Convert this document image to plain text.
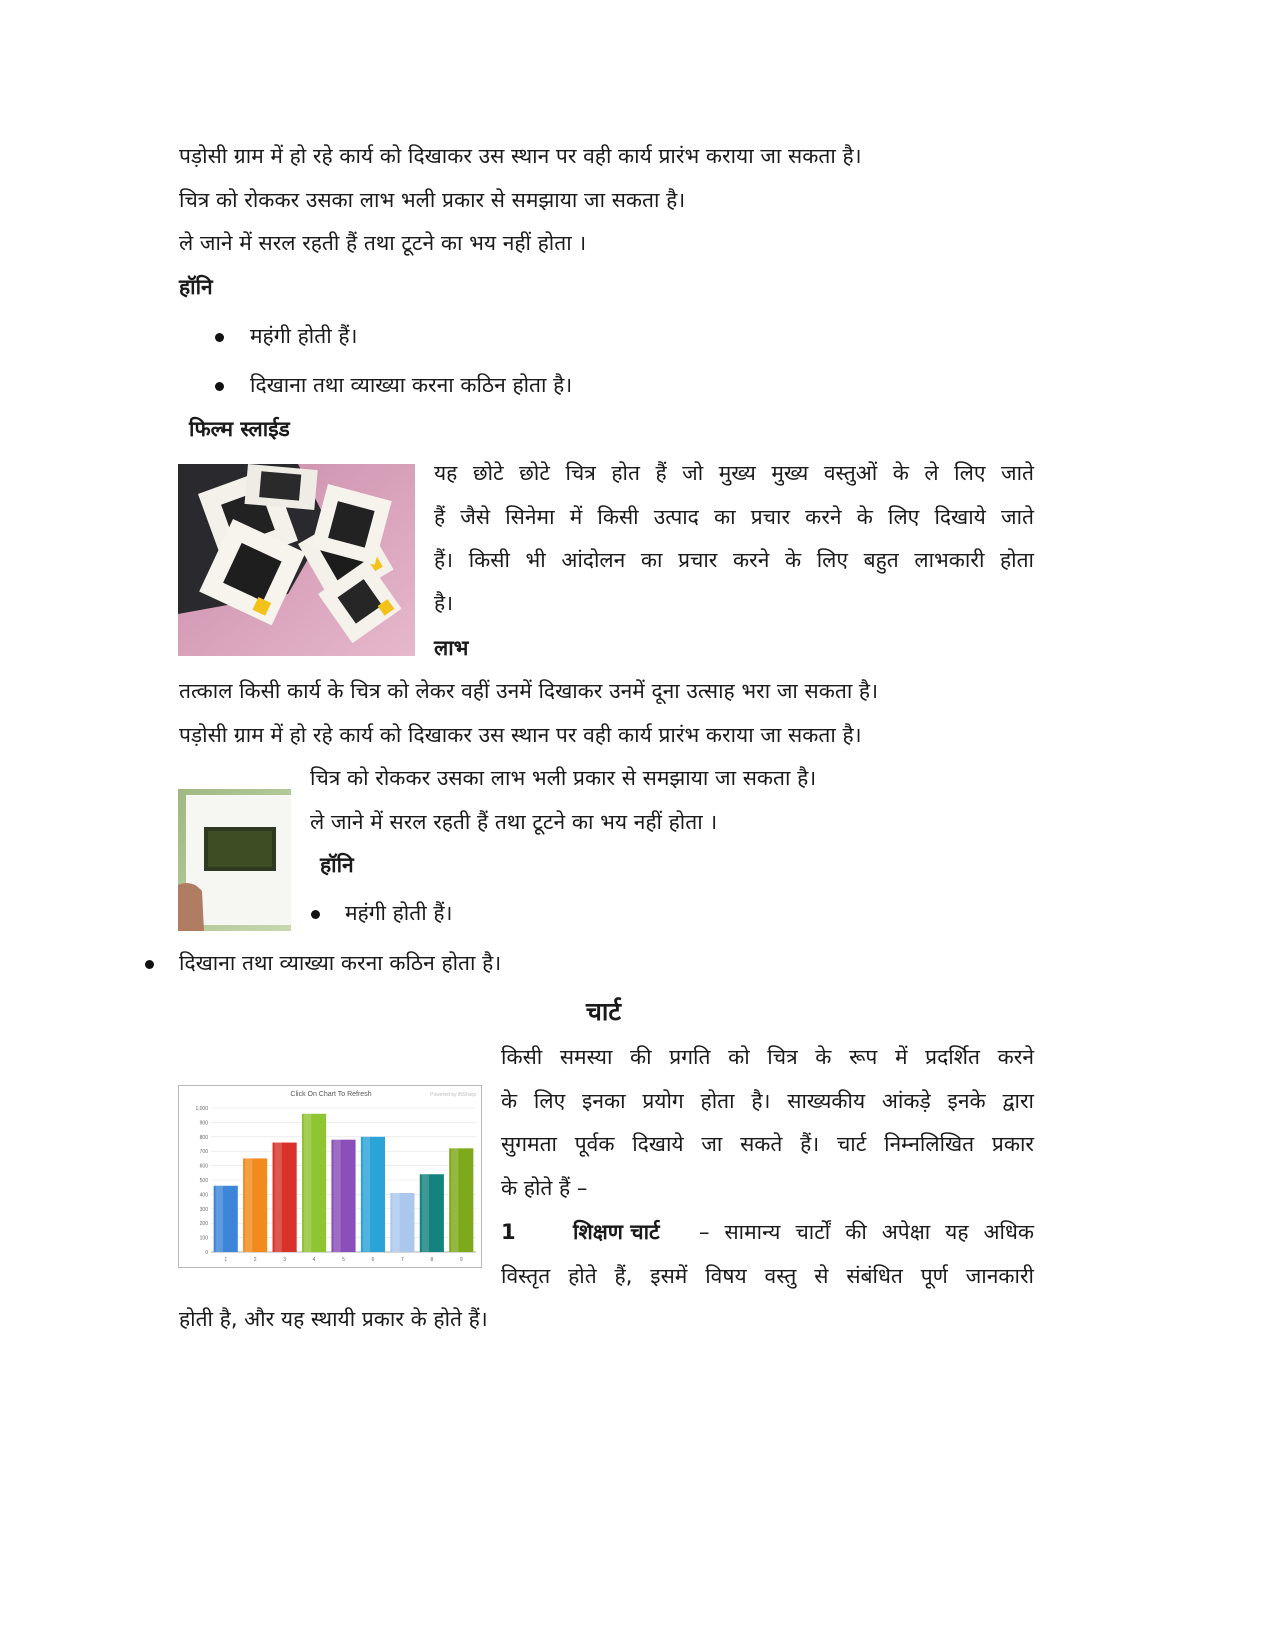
पड़ोसी ग्राम में हो रहे कार्य को दिखाकर उस स्थान पर वही कार्य प्रारंभ कराया जा सकता है।
चित्र को रोककर उसका लाभ भली प्रकार से समझाया जा सकता है।
ले जाने में सरल रहती हैं तथा टूटने का भय नहीं होता ।
हॉनि
महंगी होती हैं।
दिखाना तथा व्याख्या करना कठिन होता है।
फिल्म स्लाईड
यह छोटे छोटे चित्र होत हैं जो मुख्य मुख्य वस्तुओं के ले लिए जाते
हैं जैसे सिनेमा में किसी उत्पाद का प्रचार करने के लिए दिखाये जाते
हैं। किसी भी आंदोलन का प्रचार करने के लिए बहुत लाभकारी होता
है।
लाभ
तत्काल किसी कार्य के चित्र को लेकर वहीं उनमें दिखाकर उनमें दूना उत्साह भरा जा सकता है।
पड़ोसी ग्राम में हो रहे कार्य को दिखाकर उस स्थान पर वही कार्य प्रारंभ कराया जा सकता है।
चित्र को रोककर उसका लाभ भली प्रकार से समझाया जा सकता है।
ले जाने में सरल रहती हैं तथा टूटने का भय नहीं होता ।
हॉनि
महंगी होती हैं।
दिखाना तथा व्याख्या करना कठिन होता है।
चार्ट
Click On Chart To Refresh	Powered by iNSharp
0
100
200
300
400
500
600
700
800
900
1,000
1	2	3	4	5	6	7	8	9
किसी समस्या की प्रगति को चित्र के रूप में प्रदर्शित करने
के लिए इनका प्रयोग होता है। साख्यकीय आंकड़े इनके द्वारा
सुगमता पूर्वक दिखाये जा सकते हैं। चार्ट निम्नलिखित प्रकार
के होते हैं –
1	शिक्षण चार्ट – सामान्य चार्टों की अपेक्षा यह अधिक
विस्तृत होते हैं, इसमें विषय वस्तु से संबंधित पूर्ण जानकारी
होती है, और यह स्थायी प्रकार के होते हैं।
